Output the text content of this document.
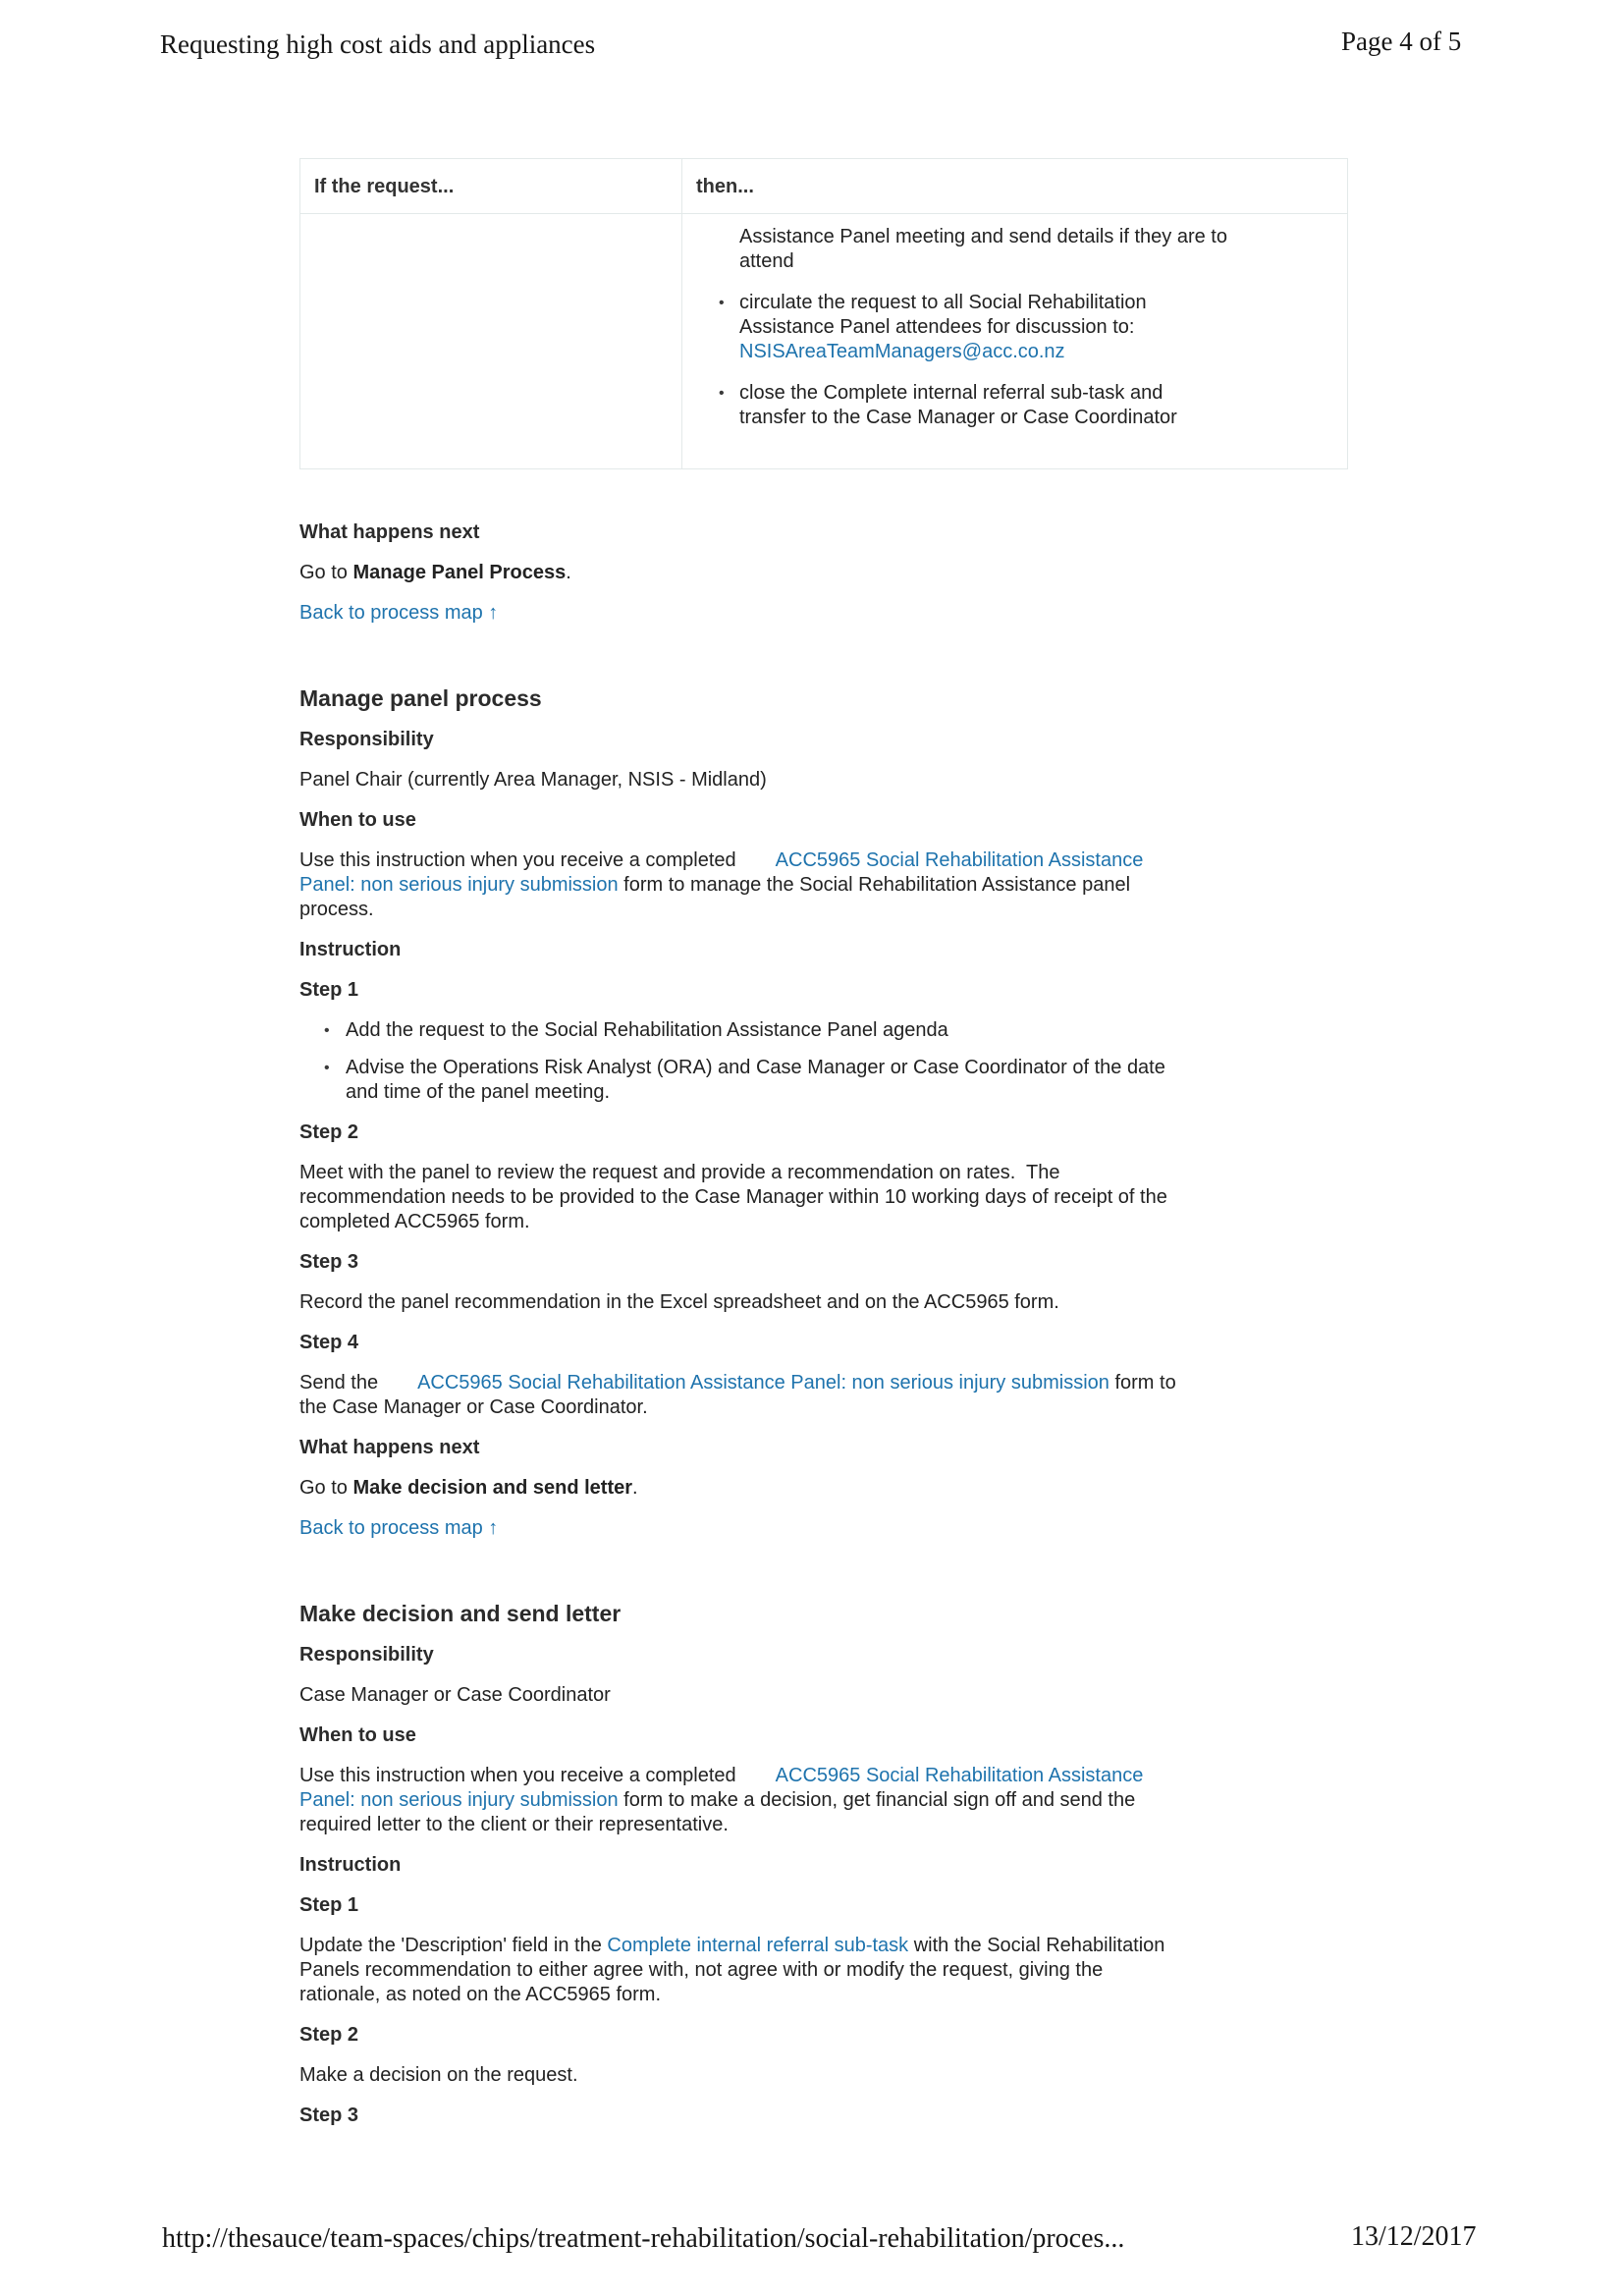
Requesting high cost aids and appliances	Page 4 of 5
If the request...	then...

Assistance Panel meeting and send details if they are to
attend
• circulate the request to all Social Rehabilitation
Assistance Panel attendees for discussion to:
NSISAreaTeamManagers@acc.co.nz
• close the Complete internal referral sub-task and
transfer to the Case Manager or Case Coordinator
What happens next

Go to Manage Panel Process.

Back to process map ↑

Manage panel process
Responsibility

Panel Chair (currently Area Manager, NSIS - Midland)

When to use

Use this instruction when you receive a completed ACC5965 Social Rehabilitation Assistance
Panel: non serious injury submission form to manage the Social Rehabilitation Assistance panel
process.

Instruction
Step 1
• Add the request to the Social Rehabilitation Assistance Panel agenda
• Advise the Operations Risk Analyst (ORA) and Case Manager or Case Coordinator of the date
and time of the panel meeting.
Step 2

Meet with the panel to review the request and provide a recommendation on rates.  The
recommendation needs to be provided to the Case Manager within 10 working days of receipt of the
completed ACC5965 form.

Step 3

Record the panel recommendation in the Excel spreadsheet and on the ACC5965 form.

Step 4

Send the ACC5965 Social Rehabilitation Assistance Panel: non serious injury submission form to
the Case Manager or Case Coordinator.

What happens next

Go to Make decision and send letter.

Back to process map ↑

Make decision and send letter
Responsibility

Case Manager or Case Coordinator

When to use

Use this instruction when you receive a completed ACC5965 Social Rehabilitation Assistance
Panel: non serious injury submission form to make a decision, get financial sign off and send the
required letter to the client or their representative.

Instruction
Step 1

Update the 'Description' field in the Complete internal referral sub-task with the Social Rehabilitation
Panels recommendation to either agree with, not agree with or modify the request, giving the
rationale, as noted on the ACC5965 form.

Step 2

Make a decision on the request.

Step 3
http://thesauce/team-spaces/chips/treatment-rehabilitation/social-rehabilitation/proces...	13/12/2017
